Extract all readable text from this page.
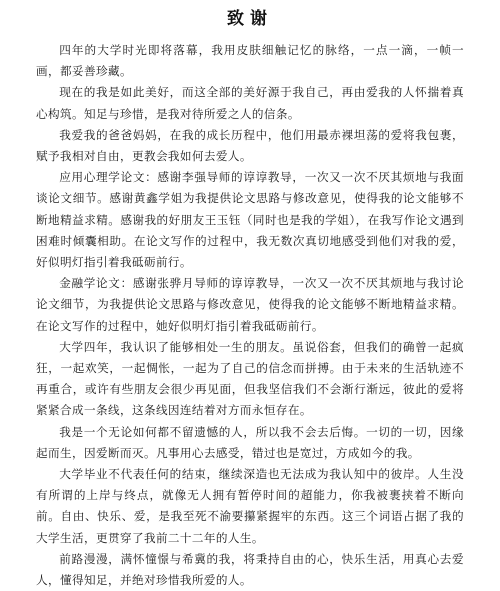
致谢

四年的大学时光即将落幕，我用皮肤细触记忆的脉络，一点一滴，一帧一画，都妥善珍藏。

现在的我是如此美好，而这全部的美好源于我自己，再由爱我的人怀揣着真心构筑。知足与珍惜，是我对待所爱之人的信条。

我爱我的爸爸妈妈，在我的成长历程中，他们用最赤裸坦荡的爱将我包裹，赋予我相对自由，更教会我如何去爱人。

应用心理学论文：感谢李强导师的谆谆教导，一次又一次不厌其烦地与我面谈论文细节。感谢黄鑫学姐为我提供论文思路与修改意见，使得我的论文能够不断地精益求精。感谢我的好朋友王玉钰（同时也是我的学姐），在我写作论文遇到困难时倾囊相助。在论文写作的过程中，我无数次真切地感受到他们对我的爱，好似明灯指引着我砥砺前行。

金融学论文：感谢张骅月导师的谆谆教导，一次又一次不厌其烦地与我讨论论文细节，为我提供论文思路与修改意见，使得我的论文能够不断地精益求精。在论文写作的过程中，她好似明灯指引着我砥砺前行。

大学四年，我认识了能够相处一生的朋友。虽说俗套，但我们的确曾一起疯狂，一起欢笑，一起惆怅，一起为了自己的信念而拼搏。由于未来的生活轨迹不再重合，或许有些朋友会很少再见面，但我坚信我们不会渐行渐远，彼此的爱将紧紧合成一条线，这条线因连结着对方而永恒存在。

我是一个无论如何都不留遗憾的人，所以我不会去后悔。一切的一切，因缘起而生，因爱断而灭。凡事用心去感受，错过也是宽过，方成如今的我。

大学毕业不代表任何的结束，继续深造也无法成为我认知中的彼岸。人生没有所谓的上岸与终点，就像无人拥有暂停时间的超能力，你我被裹挟着不断向前。自由、快乐、爱，是我至死不渝要攥紧握牢的东西。这三个词语占据了我的大学生活，更贯穿了我前二十二年的人生。

前路漫漫，满怀憧憬与希冀的我，将秉持自由的心，快乐生活，用真心去爱人，懂得知足，并绝对珍惜我所爱的人。
